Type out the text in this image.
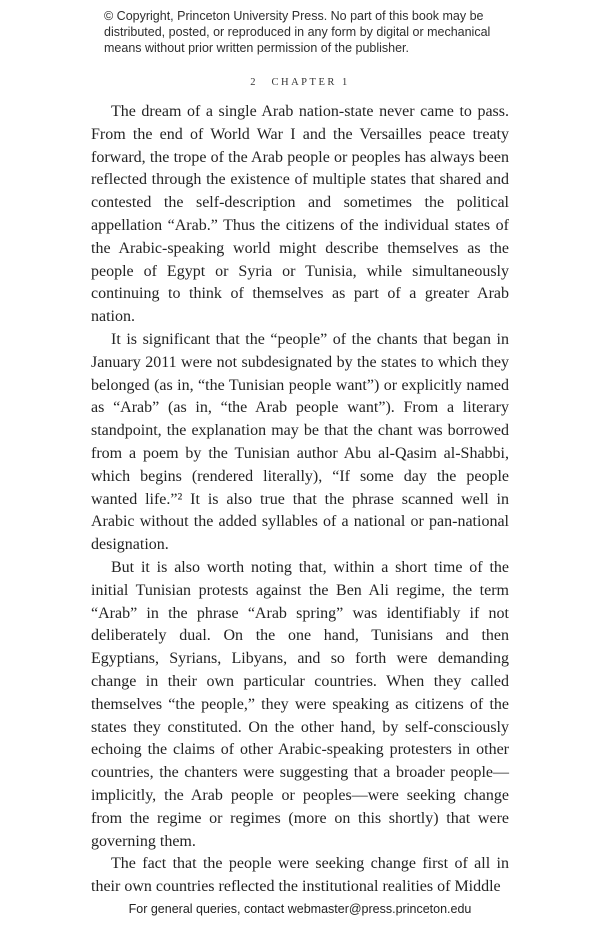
© Copyright, Princeton University Press. No part of this book may be distributed, posted, or reproduced in any form by digital or mechanical means without prior written permission of the publisher.
2 CHAPTER 1

The dream of a single Arab nation-state never came to pass. From the end of World War I and the Versailles peace treaty forward, the trope of the Arab people or peoples has always been reflected through the existence of multiple states that shared and contested the self-description and sometimes the political appellation “Arab.” Thus the citizens of the individual states of the Arabic-speaking world might describe themselves as the people of Egypt or Syria or Tunisia, while simultaneously continuing to think of themselves as part of a greater Arab nation.

It is significant that the “people” of the chants that began in January 2011 were not subdesignated by the states to which they belonged (as in, “the Tunisian people want”) or explicitly named as “Arab” (as in, “the Arab people want”). From a literary standpoint, the explanation may be that the chant was borrowed from a poem by the Tunisian author Abu al-Qasim al-Shabbi, which begins (rendered literally), “If some day the people wanted life.”² It is also true that the phrase scanned well in Arabic without the added syllables of a national or pan-national designation.

But it is also worth noting that, within a short time of the initial Tunisian protests against the Ben Ali regime, the term “Arab” in the phrase “Arab spring” was identifiably if not deliberately dual. On the one hand, Tunisians and then Egyptians, Syrians, Libyans, and so forth were demanding change in their own particular countries. When they called themselves “the people,” they were speaking as citizens of the states they constituted. On the other hand, by self-consciously echoing the claims of other Arabic-speaking protesters in other countries, the chanters were suggesting that a broader people—implicitly, the Arab people or peoples—were seeking change from the regime or regimes (more on this shortly) that were governing them.

The fact that the people were seeking change first of all in their own countries reflected the institutional realities of Middle

For general queries, contact webmaster@press.princeton.edu
